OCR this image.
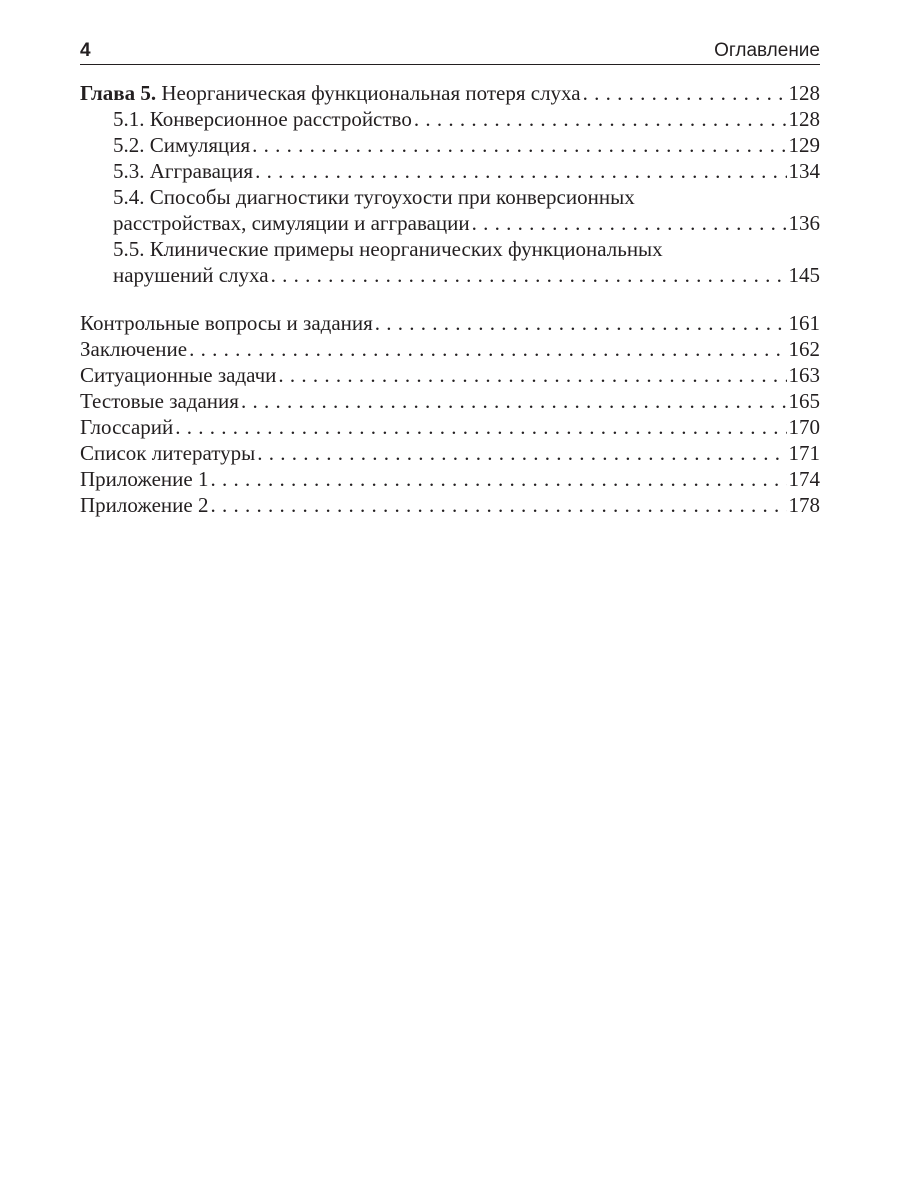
4	Оглавление
Глава 5. Неорганическая функциональная потеря слуха . . .	128
5.1. Конверсионное расстройство . . .	128
5.2. Симуляция . . .	129
5.3. Аггравация . . .	134
5.4. Способы диагностики тугоухости при конверсионных
расстройствах, симуляции и аггравации . . .	136
5.5. Клинические примеры неорганических функциональных
нарушений слуха . . .	145
Контрольные вопросы и задания . . .	161
Заключение . . .	162
Ситуационные задачи . . .	163
Тестовые задания . . .	165
Глоссарий . . .	170
Список литературы . . .	171
Приложение 1 . . .	174
Приложение 2 . . .	178
